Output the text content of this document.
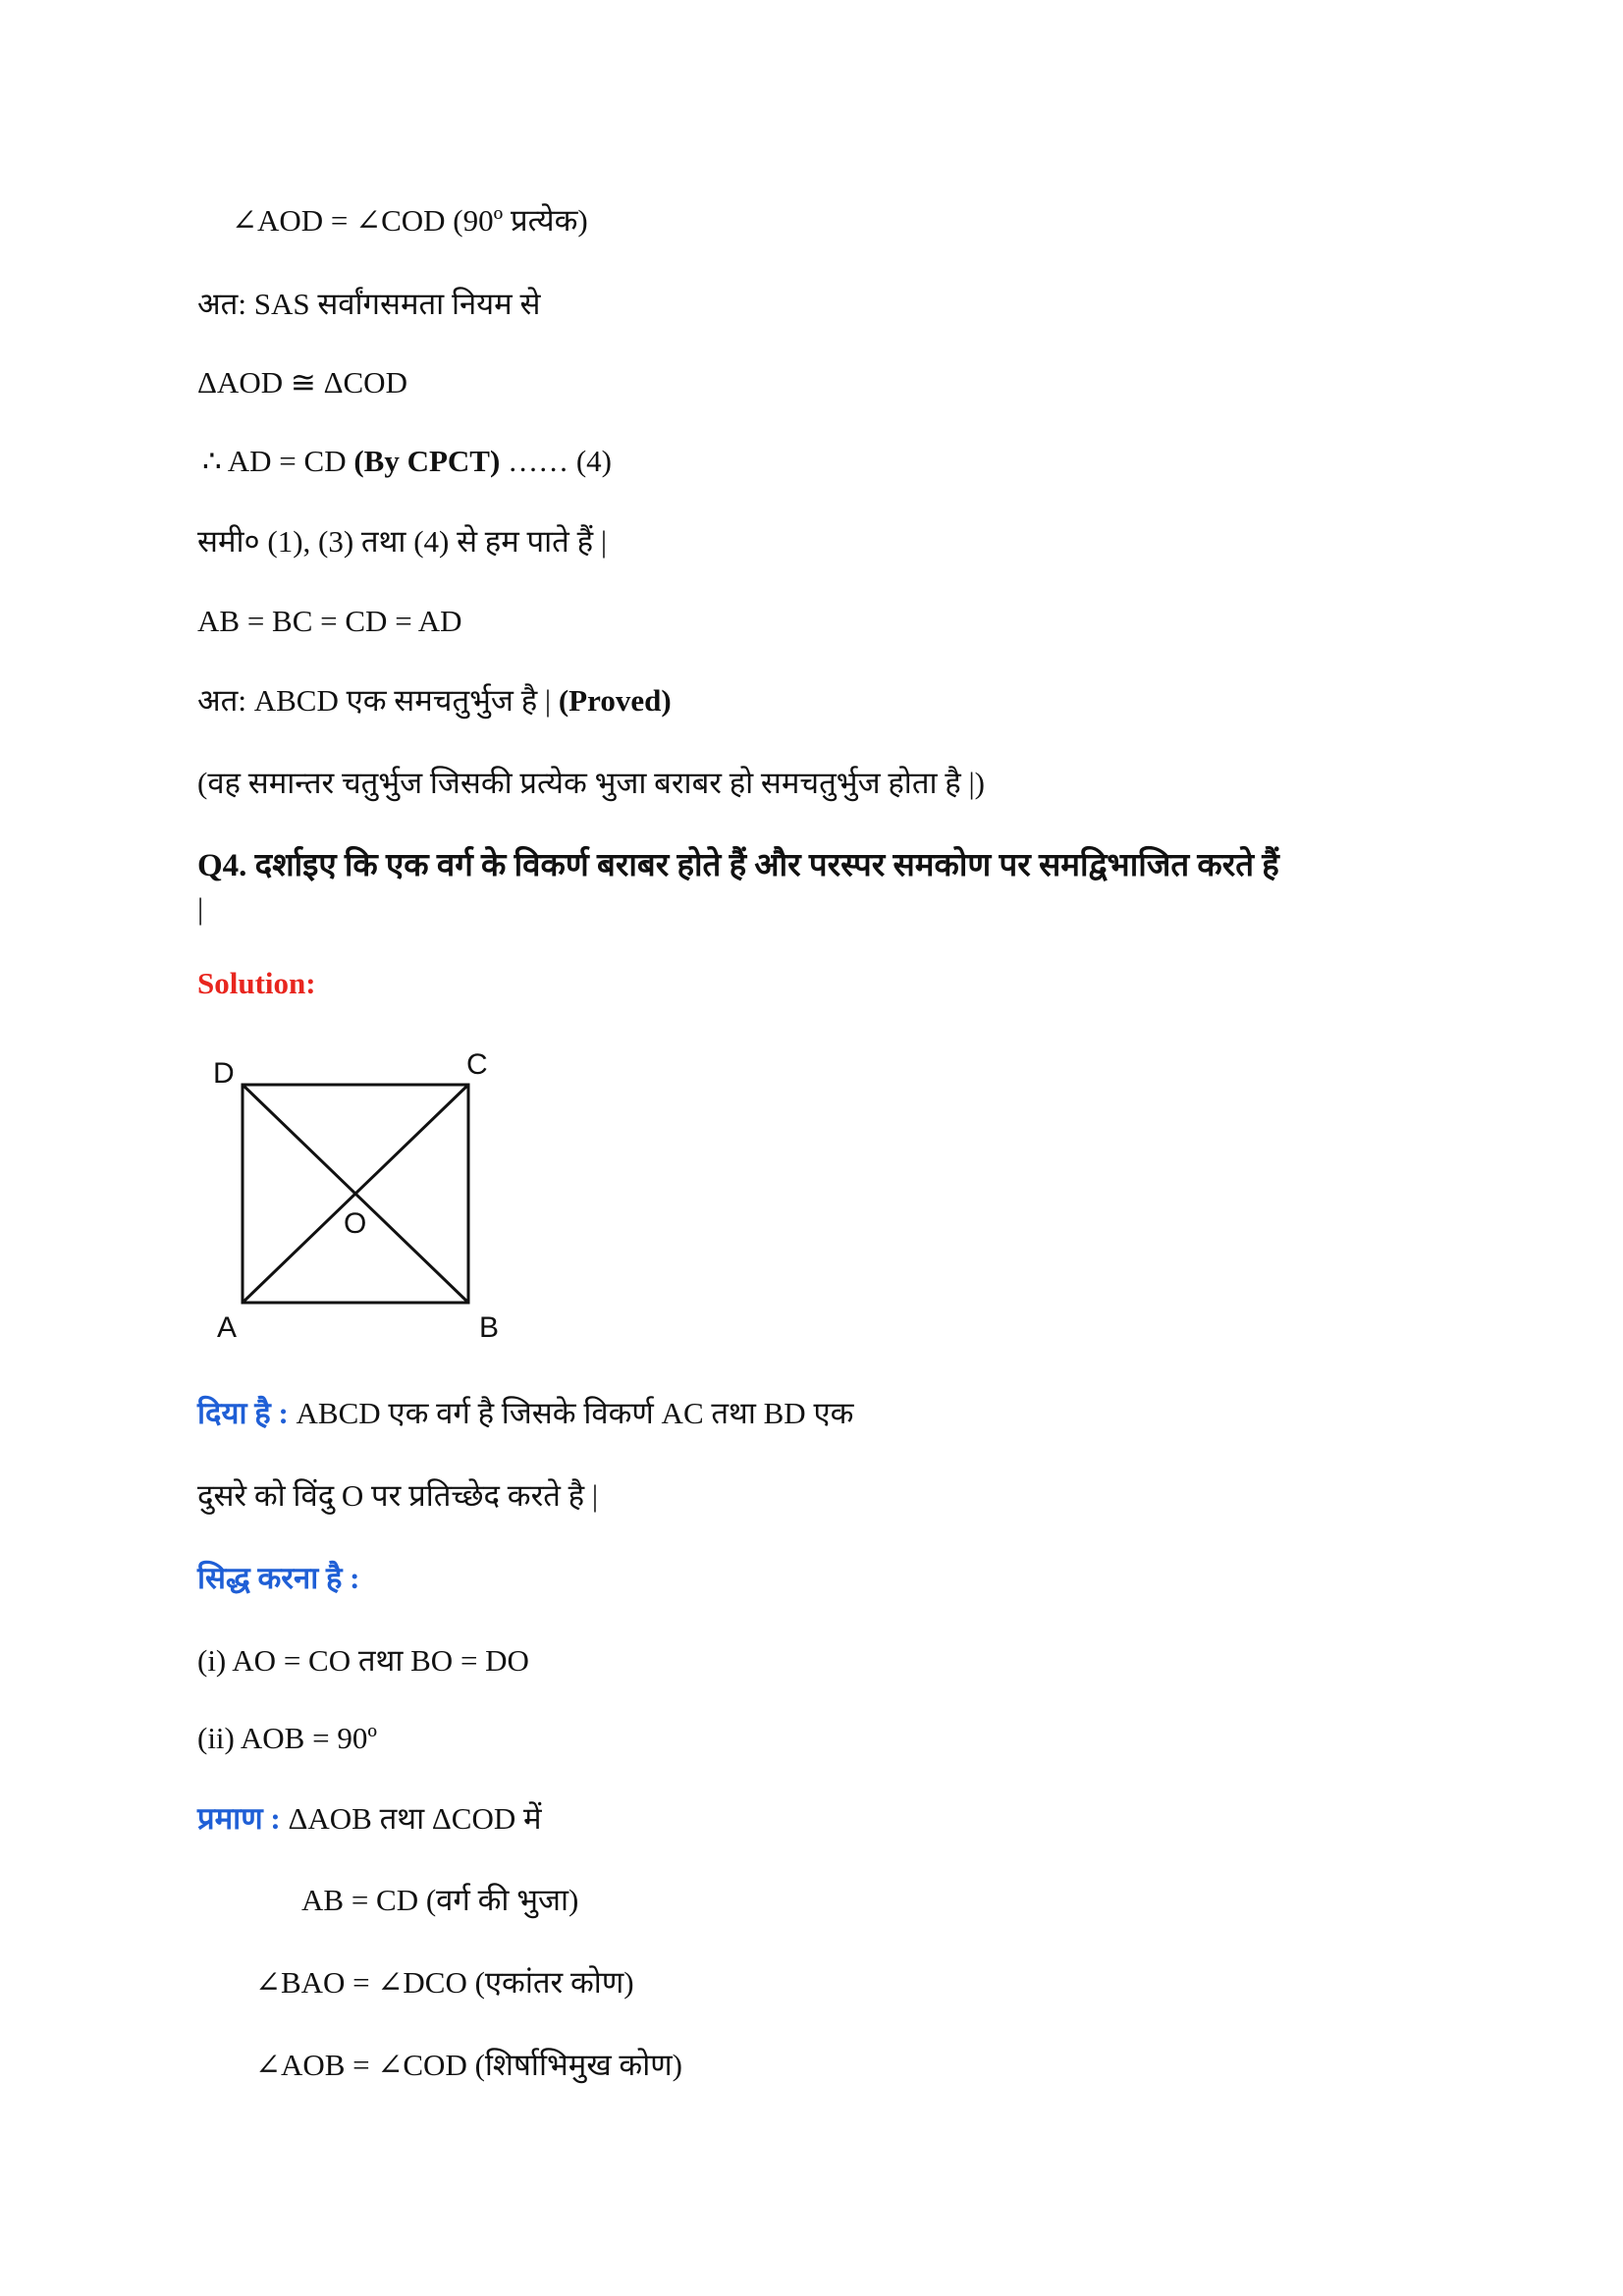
∠AOD = ∠COD (90º प्रत्येक)
अत: SAS सर्वांगसमता नियम से
ΔAOD ≅ ΔCOD
∴ AD = CD (By CPCT) …… (4)
समी० (1), (3) तथा (4) से हम पाते हैं |
AB = BC = CD = AD
अत: ABCD एक समचतुर्भुज है | (Proved)
(वह समान्तर चतुर्भुज जिसकी प्रत्येक भुजा बराबर हो समचतुर्भुज होता है |)
Q4. दर्शाइए कि एक वर्ग के विकर्ण बराबर होते हैं और परस्पर समकोण पर समद्विभाजित करते हैं
|
Solution:
D	C
O
A	B
दिया है : ABCD एक वर्ग है जिसके विकर्ण AC तथा BD एक
दुसरे को विंदु O पर प्रतिच्छेद करते है |
सिद्ध करना है :
(i) AO = CO तथा BO = DO
(ii) AOB = 90º
प्रमाण : ΔAOB तथा ΔCOD में
AB = CD (वर्ग की भुजा)
∠BAO = ∠DCO (एकांतर कोण)
∠AOB = ∠COD (शिर्षाभिमुख कोण)
